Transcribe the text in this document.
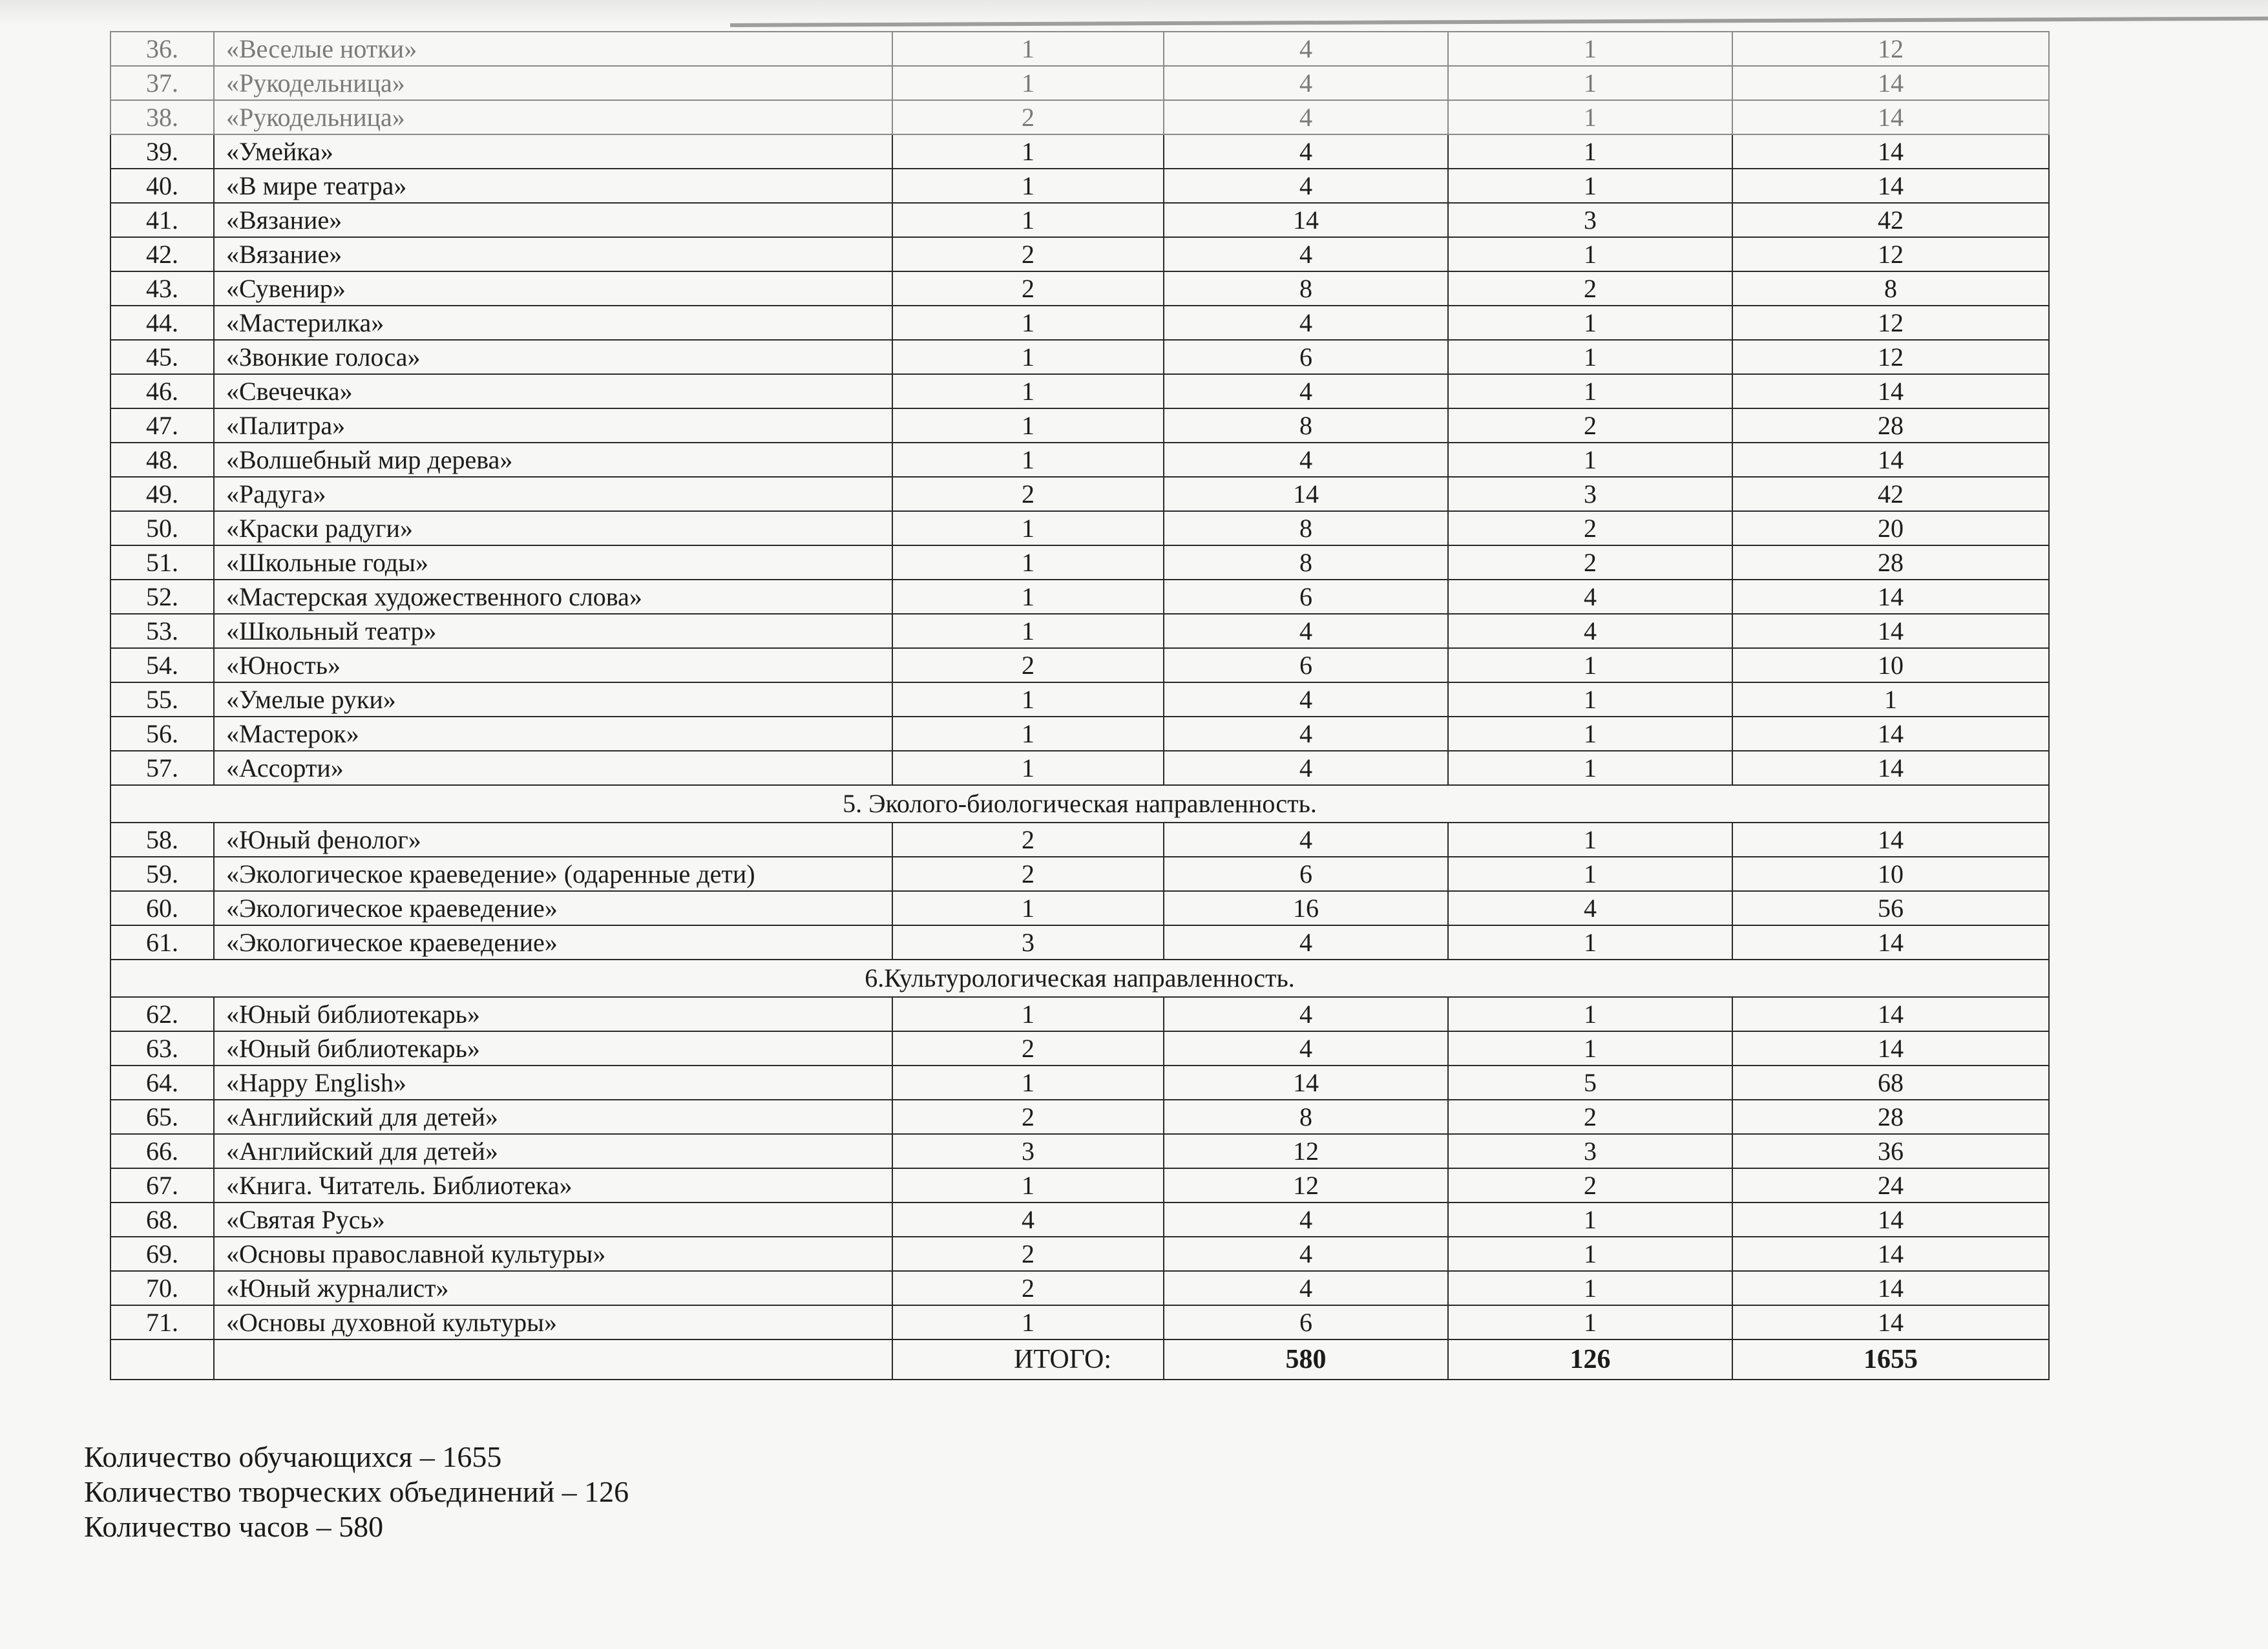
36.	«Веселые нотки»	1	4	1	12
37.	«Рукодельница»	1	4	1	14
38.	«Рукодельница»	2	4	1	14
39.	«Умейка»	1	4	1	14
40.	«В мире театра»	1	4	1	14
41.	«Вязание»	1	14	3	42
42.	«Вязание»	2	4	1	12
43.	«Сувенир»	2	8	2	8
44.	«Мастерилка»	1	4	1	12
45.	«Звонкие голоса»	1	6	1	12
46.	«Свечечка»	1	4	1	14
47.	«Палитра»	1	8	2	28
48.	«Волшебный мир дерева»	1	4	1	14
49.	«Радуга»	2	14	3	42
50.	«Краски радуги»	1	8	2	20
51.	«Школьные годы»	1	8	2	28
52.	«Мастерская художественного слова»	1	6	4	14
53.	«Школьный театр»	1	4	4	14
54.	«Юность»	2	6	1	10
55.	«Умелые руки»	1	4	1	1
56.	«Мастерок»	1	4	1	14
57.	«Ассорти»	1	4	1	14
5. Эколого-биологическая направленность.					
58.	«Юный фенолог»	2	4	1	14
59.	«Экологическое краеведение» (одаренные дети)	2	6	1	10
60.	«Экологическое краеведение»	1	16	4	56
61.	«Экологическое краеведение»	3	4	1	14
6.Культурологическая направленность.					
62.	«Юный библиотекарь»	1	4	1	14
63.	«Юный библиотекарь»	2	4	1	14
64.	«Happy English»	1	14	5	68
65.	«Английский для детей»	2	8	2	28
66.	«Английский для детей»	3	12	3	36
67.	«Книга. Читатель. Библиотека»	1	12	2	24
68.	«Святая Русь»	4	4	1	14
69.	«Основы православной культуры»	2	4	1	14
70.	«Юный журналист»	2	4	1	14
71.	«Основы духовной культуры»	1	6	1	14
		ИТОГО:	580	126	1655
Количество обучающихся – 1655
Количество творческих объединений – 126
Количество часов – 580
